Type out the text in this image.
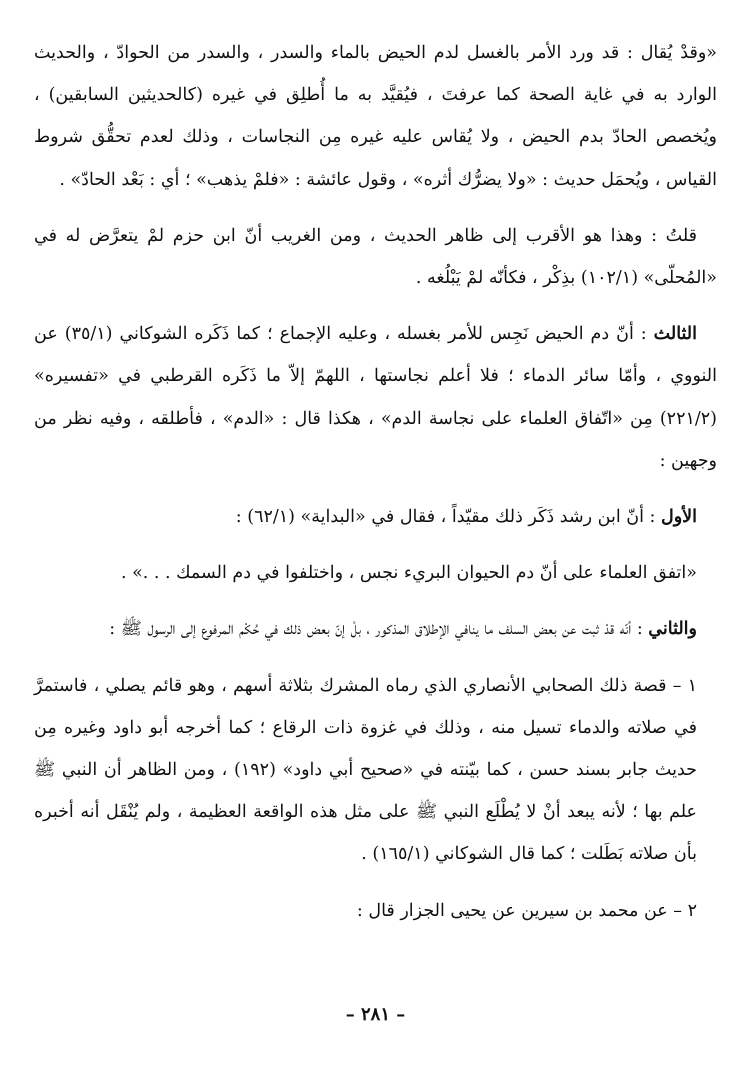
«وقدْ يُقال : قد ورد الأمر بالغسل لدم الحيض بالماء والسدر ، والسدر من الحوادّ ، والحديث الوارد به في غاية الصحة كما عرفتَ ، فيُقيَّد به ما أُطلِق في غيره (كالحديثين السابقين) ، ويُخصص الحادّ بدم الحيض ، ولا يُقاس عليه غيره مِن النجاسات ، وذلك لعدم تحقُّق شروط القياس ، ويُحمَل حديث : «ولا يضرُّك أثره» ، وقول عائشة : «فلمْ يذهب» ؛ أي : بَعْد الحادّ» .

قلتُ : وهذا هو الأقرب إلى ظاهر الحديث ، ومن الغريب أنّ ابن حزم لمْ يتعرَّض له في «المُحلّى» (١٠٢/١) بذِكْر ، فكأنّه لمْ يَبْلُغه .

الثالث : أنّ دم الحيض نَجِس للأمر بغسله ، وعليه الإجماع ؛ كما ذَكَره الشوكاني (٣٥/١) عن النووي ، وأمّا سائر الدماء ؛ فلا أعلم نجاستها ، اللهمّ إلاّ ما ذَكَره القرطبي في «تفسيره» (٢٢١/٢) مِن «اتّفاق العلماء على نجاسة الدم» ، هكذا قال : «الدم» ، فأطلقه ، وفيه نظر من وجهين :

الأول : أنّ ابن رشد ذَكَر ذلك مقيّداً ، فقال في «البداية» (٦٢/١) :

«اتفق العلماء على أنّ دم الحيوان البريء نجس ، واختلفوا في دم السمك . . .» .

والثاني : أنّه قدْ ثبت عن بعض السلف ما ينافي الإطلاق المذكور ، بلْ إنّ بعض ذلك في حُكْم المرفوع إلى الرسول ﷺ :

١ – قصة ذلك الصحابي الأنصاري الذي رماه المشرك بثلاثة أسهم ، وهو قائم يصلي ، فاستمرَّ في صلاته والدماء تسيل منه ، وذلك في غزوة ذات الرقاع ؛ كما أخرجه أبو داود وغيره مِن حديث جابر بسند حسن ، كما بيّنته في «صحيح أبي داود» (١٩٢) ، ومن الظاهر أن النبي ﷺ علم بها ؛ لأنه يبعد أنْ لا يُطْلَع النبي ﷺ على مثل هذه الواقعة العظيمة ، ولم يُنْقَل أنه أخبره بأن صلاته بَطَلت ؛ كما قال الشوكاني (١٦٥/١) .

٢ – عن محمد بن سيرين عن يحيى الجزار قال :

– ٢٨١ –
